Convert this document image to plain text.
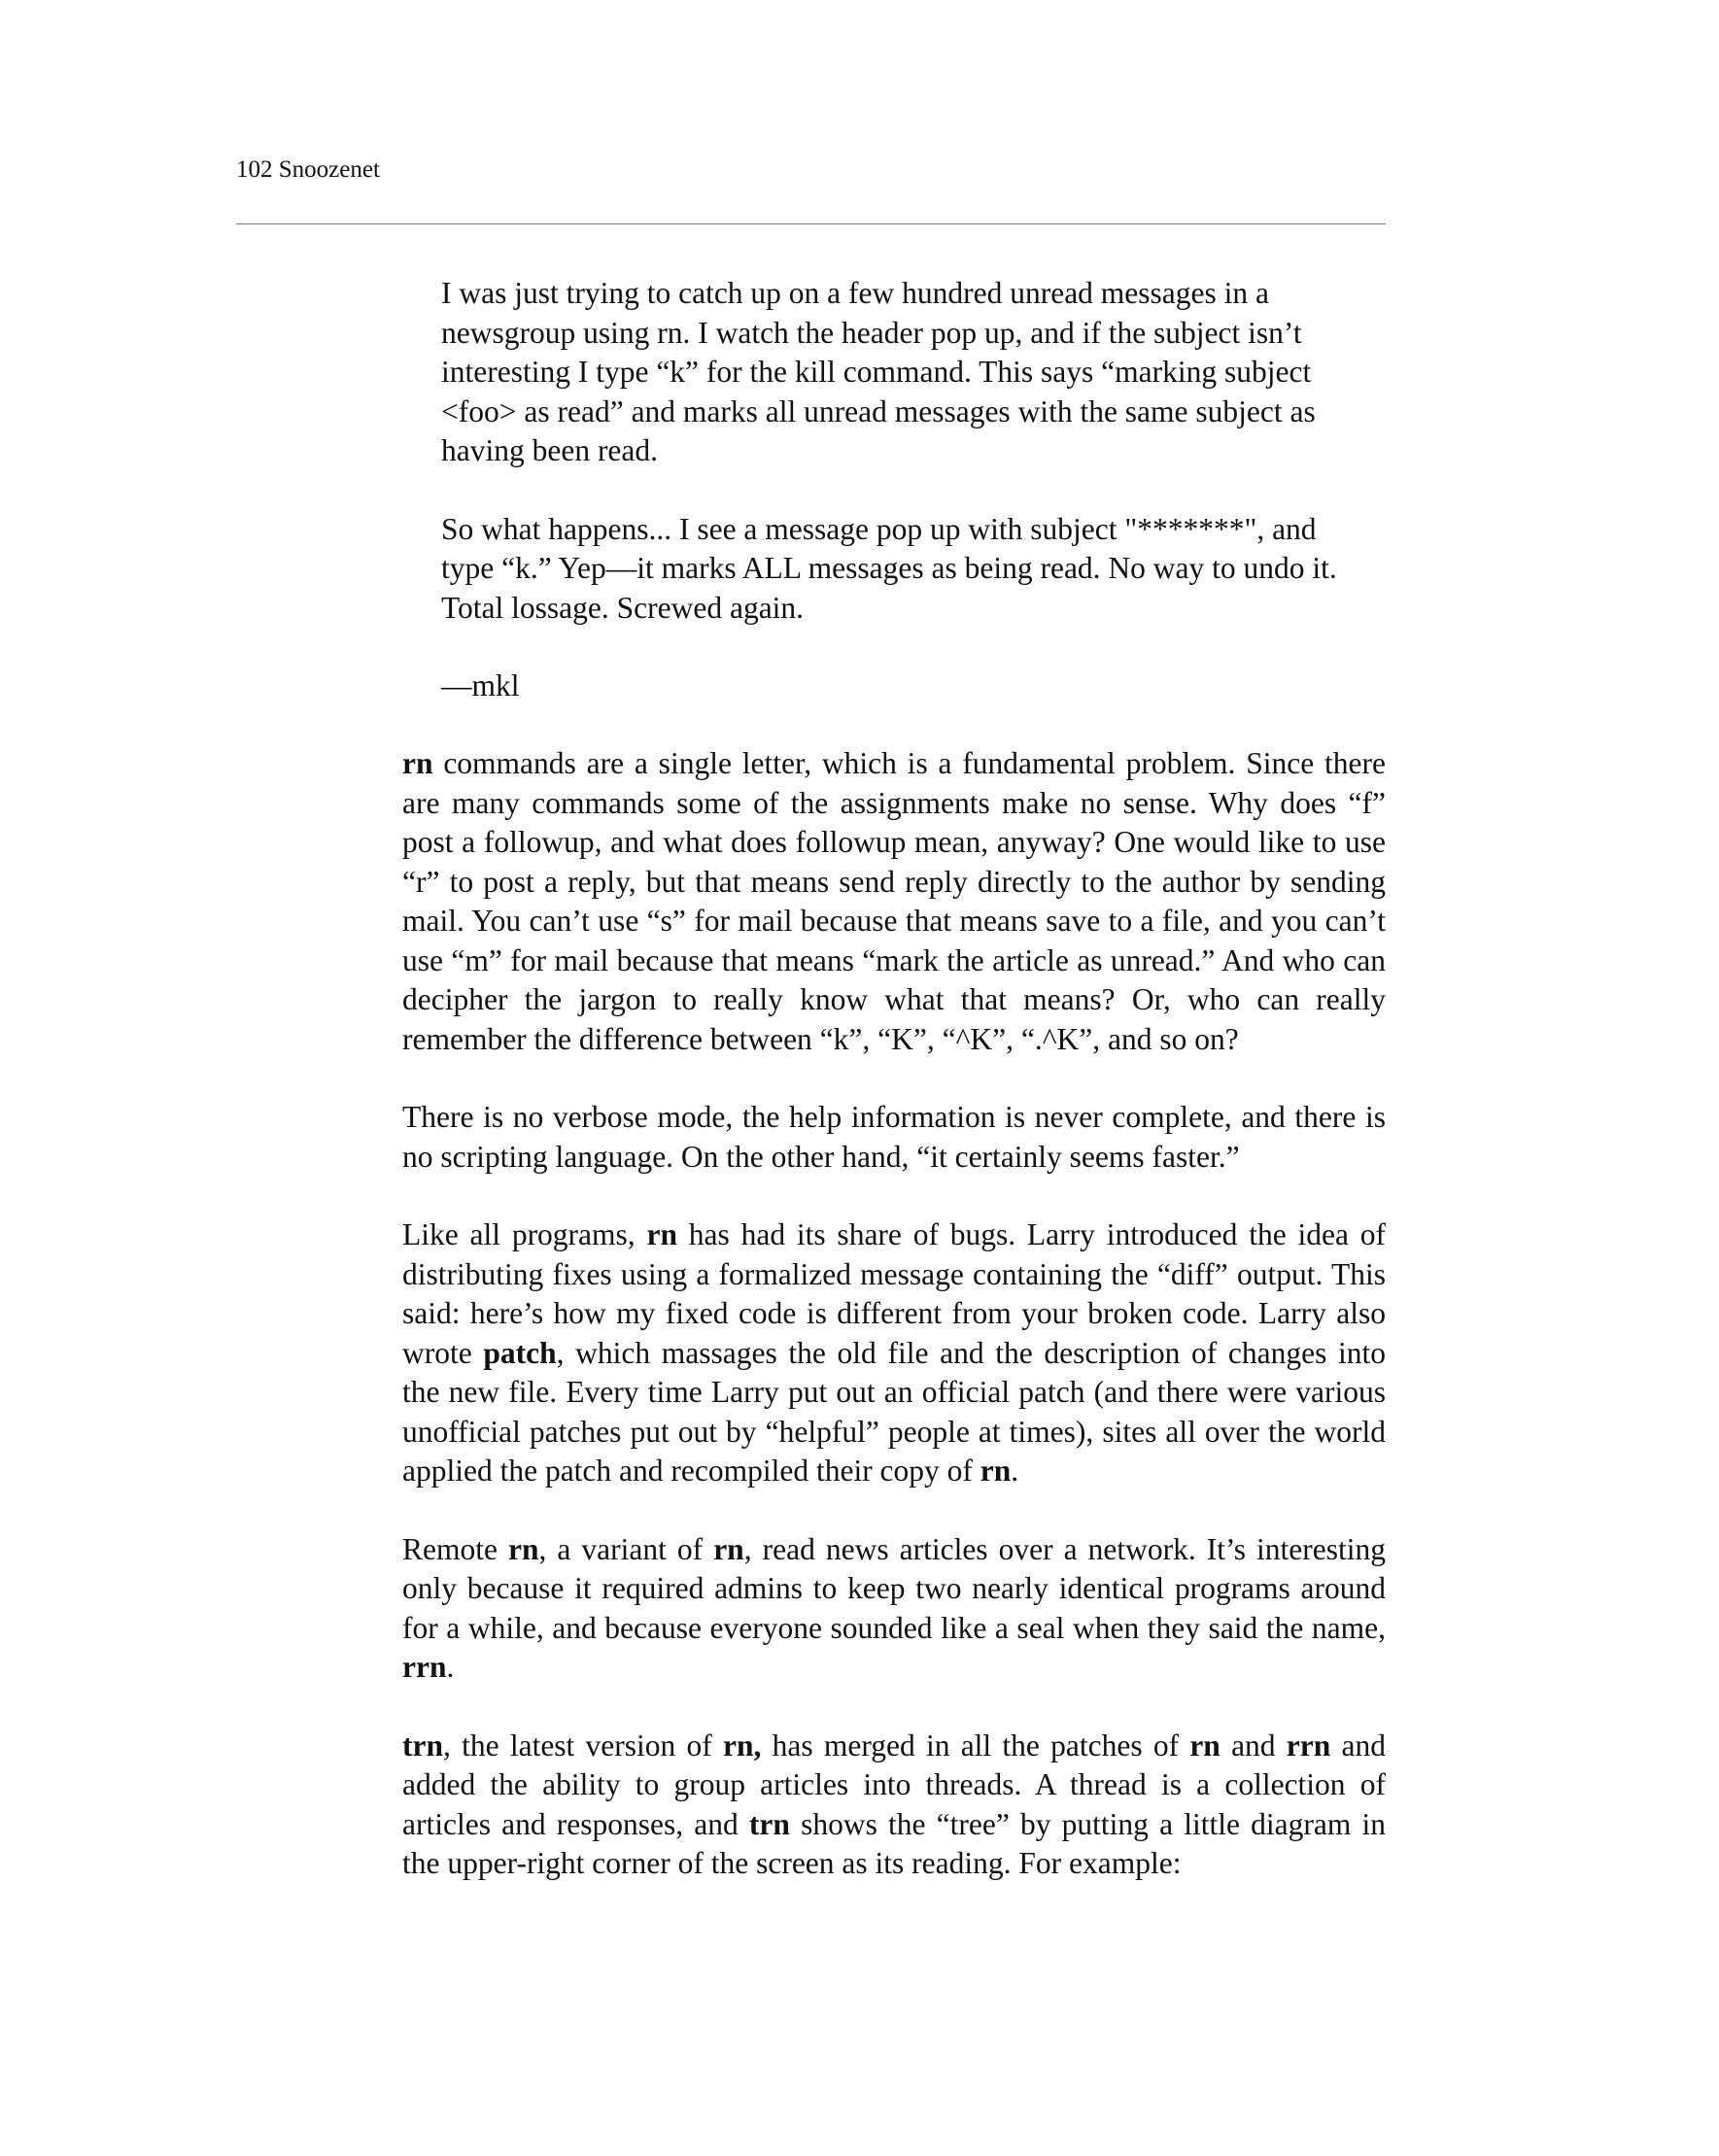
102 Snoozenet

I was just trying to catch up on a few hundred unread messages in a newsgroup using rn. I watch the header pop up, and if the subject isn’t interesting I type “k” for the kill command. This says “marking subject <foo> as read” and marks all unread messages with the same subject as having been read.

So what happens... I see a message pop up with subject "*******", and type “k.” Yep—it marks ALL messages as being read. No way to undo it. Total lossage. Screwed again.

—mkl

rn commands are a single letter, which is a fundamental problem. Since there are many commands some of the assignments make no sense. Why does “f” post a followup, and what does followup mean, anyway? One would like to use “r” to post a reply, but that means send reply directly to the author by sending mail. You can’t use “s” for mail because that means save to a file, and you can’t use “m” for mail because that means “mark the article as unread.” And who can decipher the jargon to really know what that means? Or, who can really remember the difference between “k”, “K”, “^K”, “.^K”, and so on?

There is no verbose mode, the help information is never complete, and there is no scripting language. On the other hand, “it certainly seems faster.”

Like all programs, rn has had its share of bugs. Larry introduced the idea of distributing fixes using a formalized message containing the “diff” output. This said: here’s how my fixed code is different from your broken code. Larry also wrote patch, which massages the old file and the description of changes into the new file. Every time Larry put out an official patch (and there were various unofficial patches put out by “helpful” people at times), sites all over the world applied the patch and recompiled their copy of rn.

Remote rn, a variant of rn, read news articles over a network. It’s interesting only because it required admins to keep two nearly identical programs around for a while, and because everyone sounded like a seal when they said the name, rrn.

trn, the latest version of rn, has merged in all the patches of rn and rrn and added the ability to group articles into threads. A thread is a collection of articles and responses, and trn shows the “tree” by putting a little diagram in the upper-right corner of the screen as its reading. For example:
